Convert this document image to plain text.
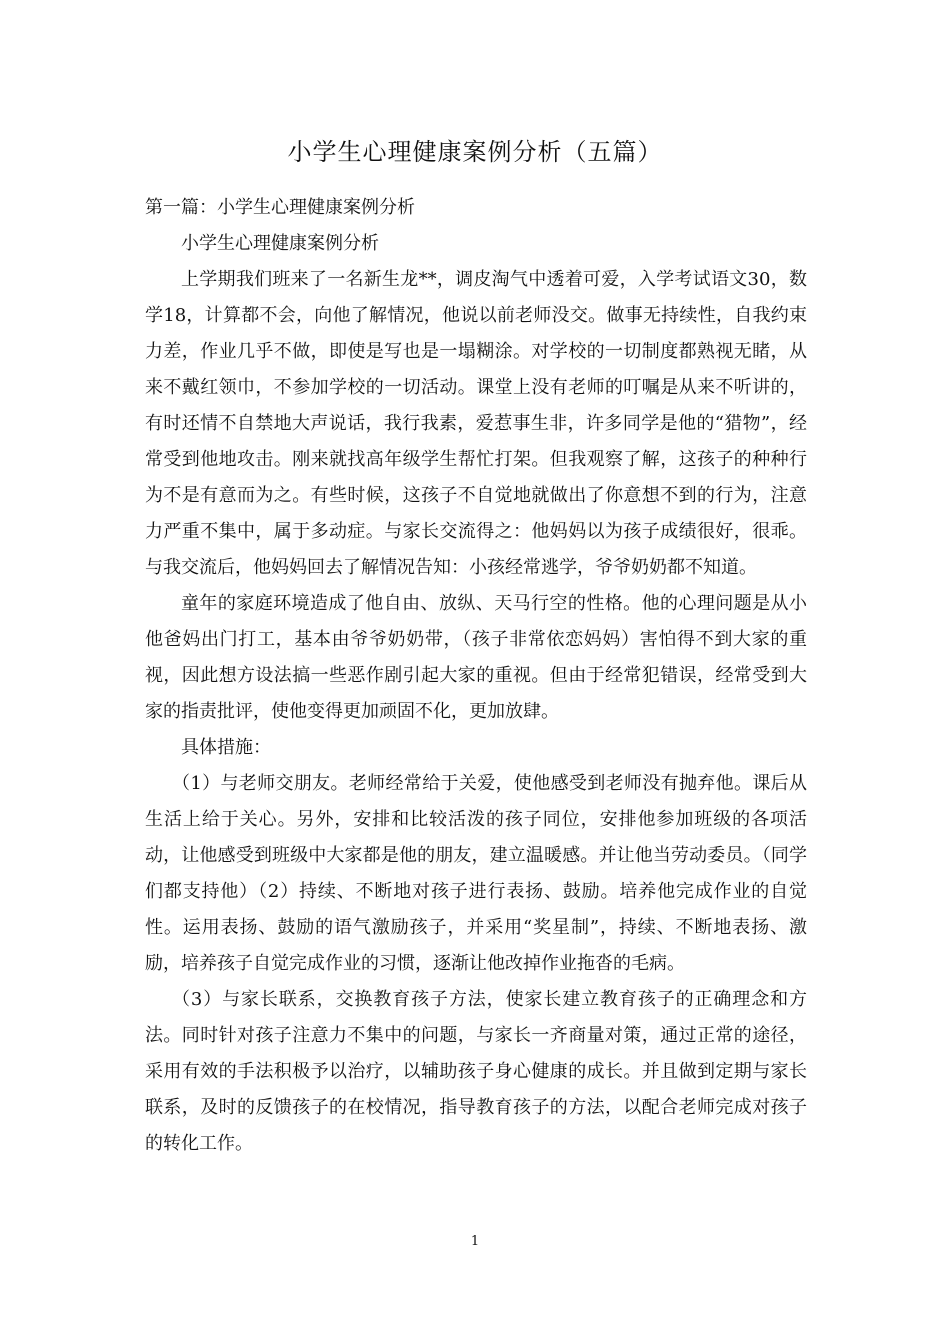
小学生心理健康案例分析（五篇）

第一篇：小学生心理健康案例分析

小学生心理健康案例分析

上学期我们班来了一名新生龙**，调皮淘气中透着可爱，入学考试语文30，数学18，计算都不会，向他了解情况，他说以前老师没交。做事无持续性，自我约束力差，作业几乎不做，即使是写也是一塌糊涂。对学校的一切制度都熟视无睹，从来不戴红领巾，不参加学校的一切活动。课堂上没有老师的叮嘱是从来不听讲的，有时还情不自禁地大声说话，我行我素，爱惹事生非，许多同学是他的“猎物”，经常受到他地攻击。刚来就找高年级学生帮忙打架。但我观察了解，这孩子的种种行为不是有意而为之。有些时候，这孩子不自觉地就做出了你意想不到的行为，注意力严重不集中，属于多动症。与家长交流得之：他妈妈以为孩子成绩很好，很乖。与我交流后，他妈妈回去了解情况告知：小孩经常逃学，爷爷奶奶都不知道。

童年的家庭环境造成了他自由、放纵、天马行空的性格。他的心理问题是从小他爸妈出门打工，基本由爷爷奶奶带，（孩子非常依恋妈妈）害怕得不到大家的重视，因此想方设法搞一些恶作剧引起大家的重视。但由于经常犯错误，经常受到大家的指责批评，使他变得更加顽固不化，更加放肆。

具体措施：

（1）与老师交朋友。老师经常给于关爱，使他感受到老师没有抛弃他。课后从生活上给于关心。另外，安排和比较活泼的孩子同位，安排他参加班级的各项活动，让他感受到班级中大家都是他的朋友，建立温暖感。并让他当劳动委员。（同学们都支持他）（2）持续、不断地对孩子进行表扬、鼓励。培养他完成作业的自觉性。运用表扬、鼓励的语气激励孩子，并采用“奖星制”，持续、不断地表扬、激励，培养孩子自觉完成作业的习惯，逐渐让他改掉作业拖沓的毛病。

（3）与家长联系，交换教育孩子方法，使家长建立教育孩子的正确理念和方法。同时针对孩子注意力不集中的问题，与家长一齐商量对策，通过正常的途径，采用有效的手法积极予以治疗，以辅助孩子身心健康的成长。并且做到定期与家长联系，及时的反馈孩子的在校情况，指导教育孩子的方法，以配合老师完成对孩子的转化工作。

1
